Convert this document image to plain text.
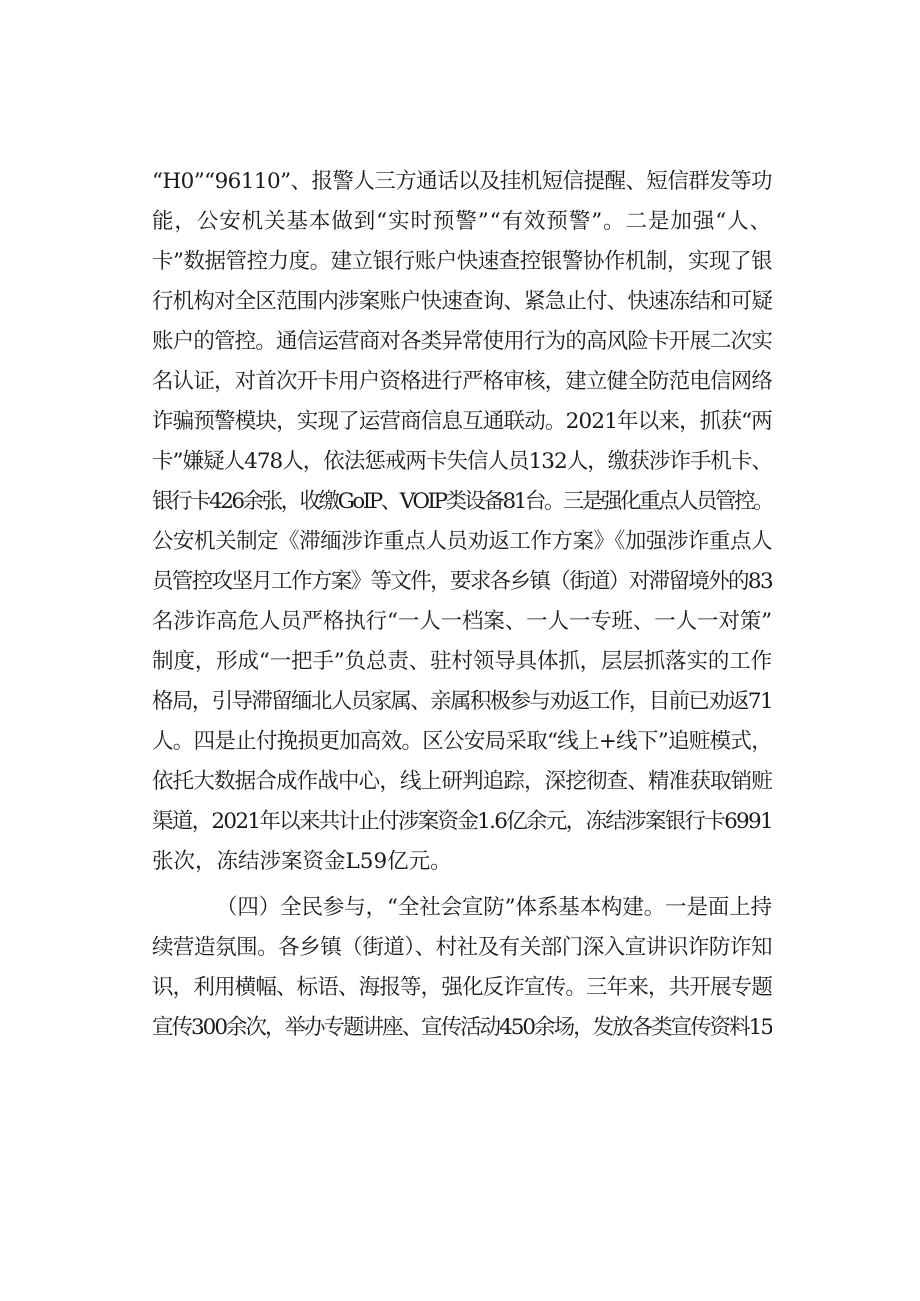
“H0”“96110”、报警人三方通话以及挂机短信提醒、短信群发等功
能，公安机关基本做到“实时预警”“有效预警”。二是加强“人、
卡”数据管控力度。建立银行账户快速查控银警协作机制，实现了银
行机构对全区范围内涉案账户快速查询、紧急止付、快速冻结和可疑
账户的管控。通信运营商对各类异常使用行为的高风险卡开展二次实
名认证，对首次开卡用户资格进行严格审核，建立健全防范电信网络
诈骗预警模块，实现了运营商信息互通联动。2021年以来，抓获“两
卡”嫌疑人478人，依法惩戒两卡失信人员132人，缴获涉诈手机卡、
银行卡426余张，收缴GoIP、VOIP类设备81台。三是强化重点人员管控。
公安机关制定《滞缅涉诈重点人员劝返工作方案》《加强涉诈重点人
员管控攻坚月工作方案》等文件，要求各乡镇（街道）对滞留境外的83
名涉诈高危人员严格执行“一人一档案、一人一专班、一人一对策”
制度，形成“一把手”负总责、驻村领导具体抓，层层抓落实的工作
格局，引导滞留缅北人员家属、亲属积极参与劝返工作，目前已劝返71
人。四是止付挽损更加高效。区公安局采取“线上+线下”追赃模式，
依托大数据合成作战中心，线上研判追踪，深挖彻查、精准获取销赃
渠道，2021年以来共计止付涉案资金1.6亿余元，冻结涉案银行卡6991
张次，冻结涉案资金L59亿元。
（四）全民参与，“全社会宣防”体系基本构建。一是面上持
续营造氛围。各乡镇（街道）、村社及有关部门深入宣讲识诈防诈知
识，利用横幅、标语、海报等，强化反诈宣传。三年来，共开展专题
宣传300余次，举办专题讲座、宣传活动450余场，发放各类宣传资料15
